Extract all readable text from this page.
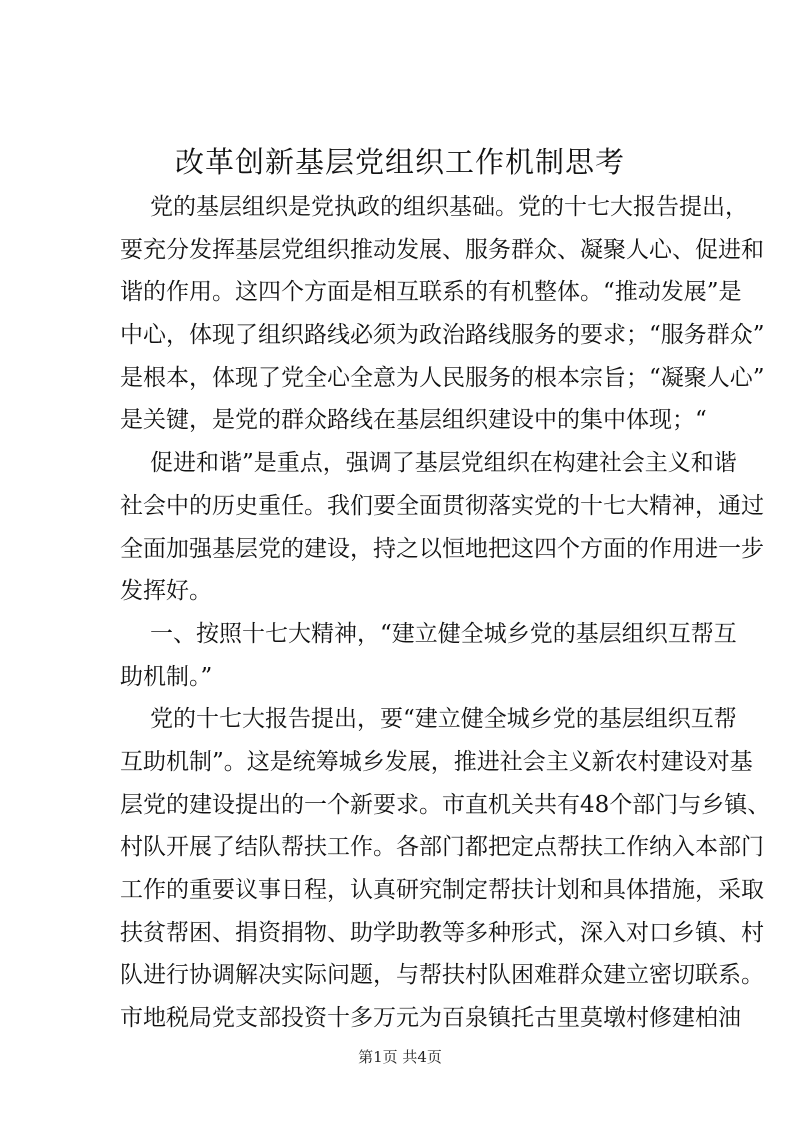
改革创新基层党组织工作机制思考
党的基层组织是党执政的组织基础。党的十七大报告提出，
要充分发挥基层党组织推动发展、服务群众、凝聚人心、促进和
谐的作用。这四个方面是相互联系的有机整体。“推动发展”是
中心，体现了组织路线必须为政治路线服务的要求；“服务群众”
是根本，体现了党全心全意为人民服务的根本宗旨；“凝聚人心”
是关键，是党的群众路线在基层组织建设中的集中体现；“
促进和谐”是重点，强调了基层党组织在构建社会主义和谐
社会中的历史重任。我们要全面贯彻落实党的十七大精神，通过
全面加强基层党的建设，持之以恒地把这四个方面的作用进一步
发挥好。
一、按照十七大精神，“建立健全城乡党的基层组织互帮互
助机制。”
党的十七大报告提出，要“建立健全城乡党的基层组织互帮
互助机制”。这是统筹城乡发展，推进社会主义新农村建设对基
层党的建设提出的一个新要求。市直机关共有48个部门与乡镇、
村队开展了结队帮扶工作。各部门都把定点帮扶工作纳入本部门
工作的重要议事日程，认真研究制定帮扶计划和具体措施，采取
扶贫帮困、捐资捐物、助学助教等多种形式，深入对口乡镇、村
队进行协调解决实际问题，与帮扶村队困难群众建立密切联系。
市地税局党支部投资十多万元为百泉镇托古里莫墩村修建柏油
第1页 共4页
